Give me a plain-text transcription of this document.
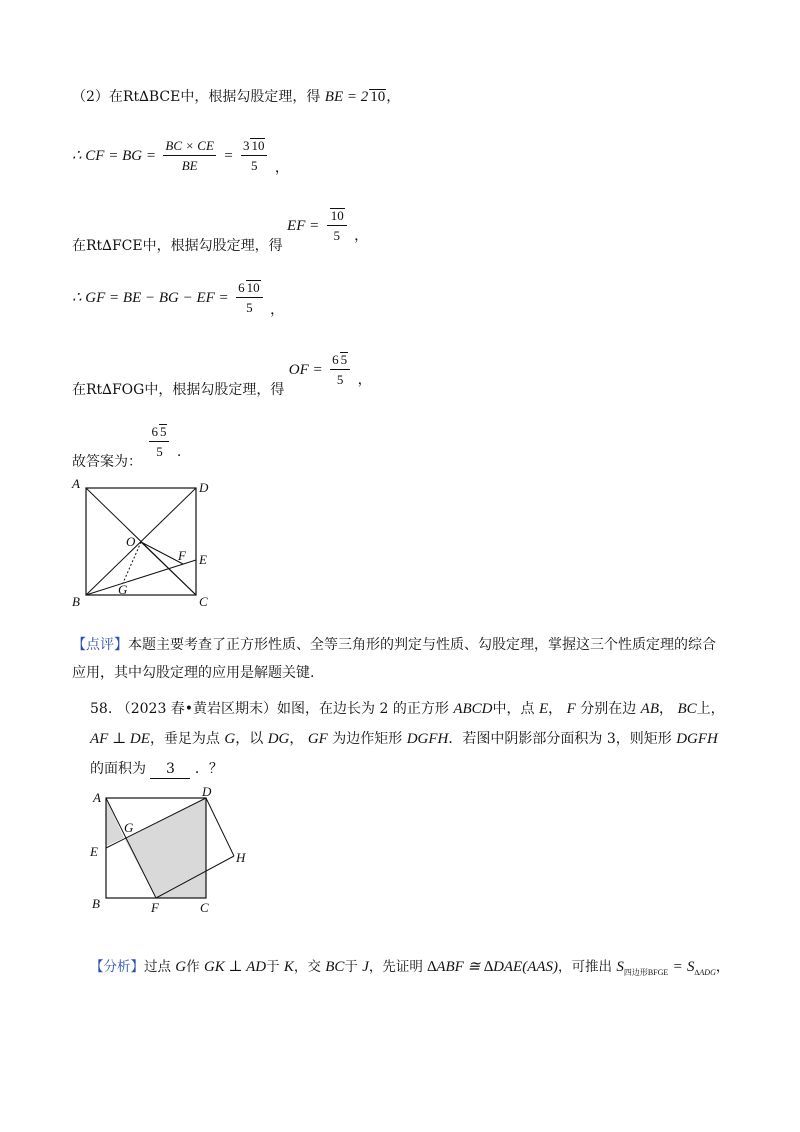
（2）在Rt∆BCE中，根据勾股定理，得 BE = 2 10，
∴ CF = BG = $\frac{BC \times CE}{BE} = \frac{3 10}{5}$ ，
在Rt∆FCE中，根据勾股定理，得 EF = $\frac{10}{5}$ ，
∴ GF = BE − BG − EF = $\frac{6 10}{5}$ ，
在Rt∆FOG中，根据勾股定理，得 OF = $\frac{6 5}{5}$ ，
故答案为：
$\frac{6 5}{5}$ .
A	D
O
F E
B
G
C
【点评】本题主要考查了正方形性质、全等三角形的判定与性质、勾股定理，掌握这三个性质定理的综合
应用，其中勾股定理的应用是解题关键.
58. （2023 春•黄岩区期末）如图，在边长为 2 的正方形 ABCD中，点 E， F 分别在边 AB， BC上，
AF ⊥ DE，垂足为点 G，以 DG， GF 为边作矩形 DGFH．若图中阴影部分面积为 3，则矩形 DGFH
的面积为 3 ．？
A	D
G
E	H
B	F	C
【分析】过点 G作 GK ⊥ AD于 K，交 BC于 J，先证明 ∆ABF ≅ ∆DAE(AAS)，可推出 $S_{四边形BFGE} = S_{\Delta ADG}$，
